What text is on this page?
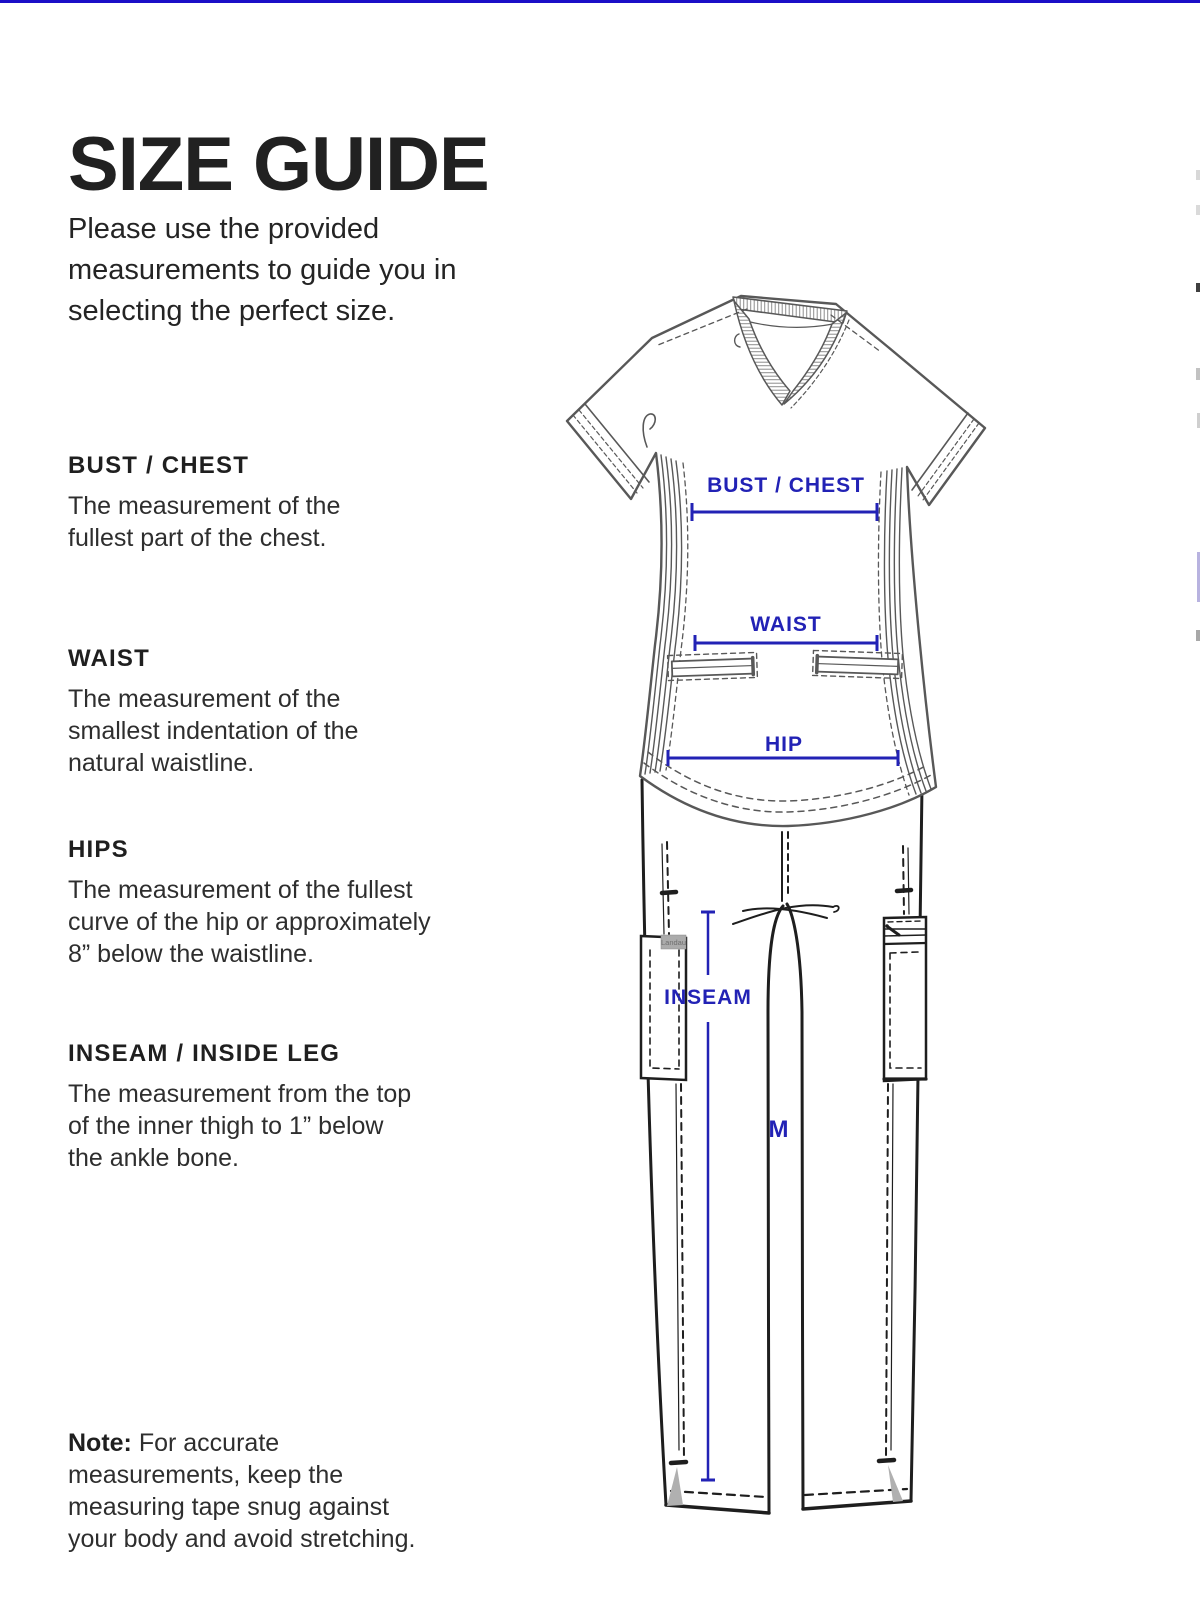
SIZE GUIDE

Please use the provided
measurements to guide you in
selecting the perfect size.

BUST / CHEST
The measurement of the
fullest part of the chest.
WAIST
The measurement of the
smallest indentation of the
natural waistline.
HIPS
The measurement of the fullest
curve of the hip or approximately
8” below the waistline.
INSEAM / INSIDE LEG
The measurement from the top
of the inner thigh to 1” below
the ankle bone.

Note: For accurate
measurements, keep the
measuring tape snug against
your body and avoid stretching.

Landau
BUST / CHEST
WAIST
HIP
INSEAM
M
